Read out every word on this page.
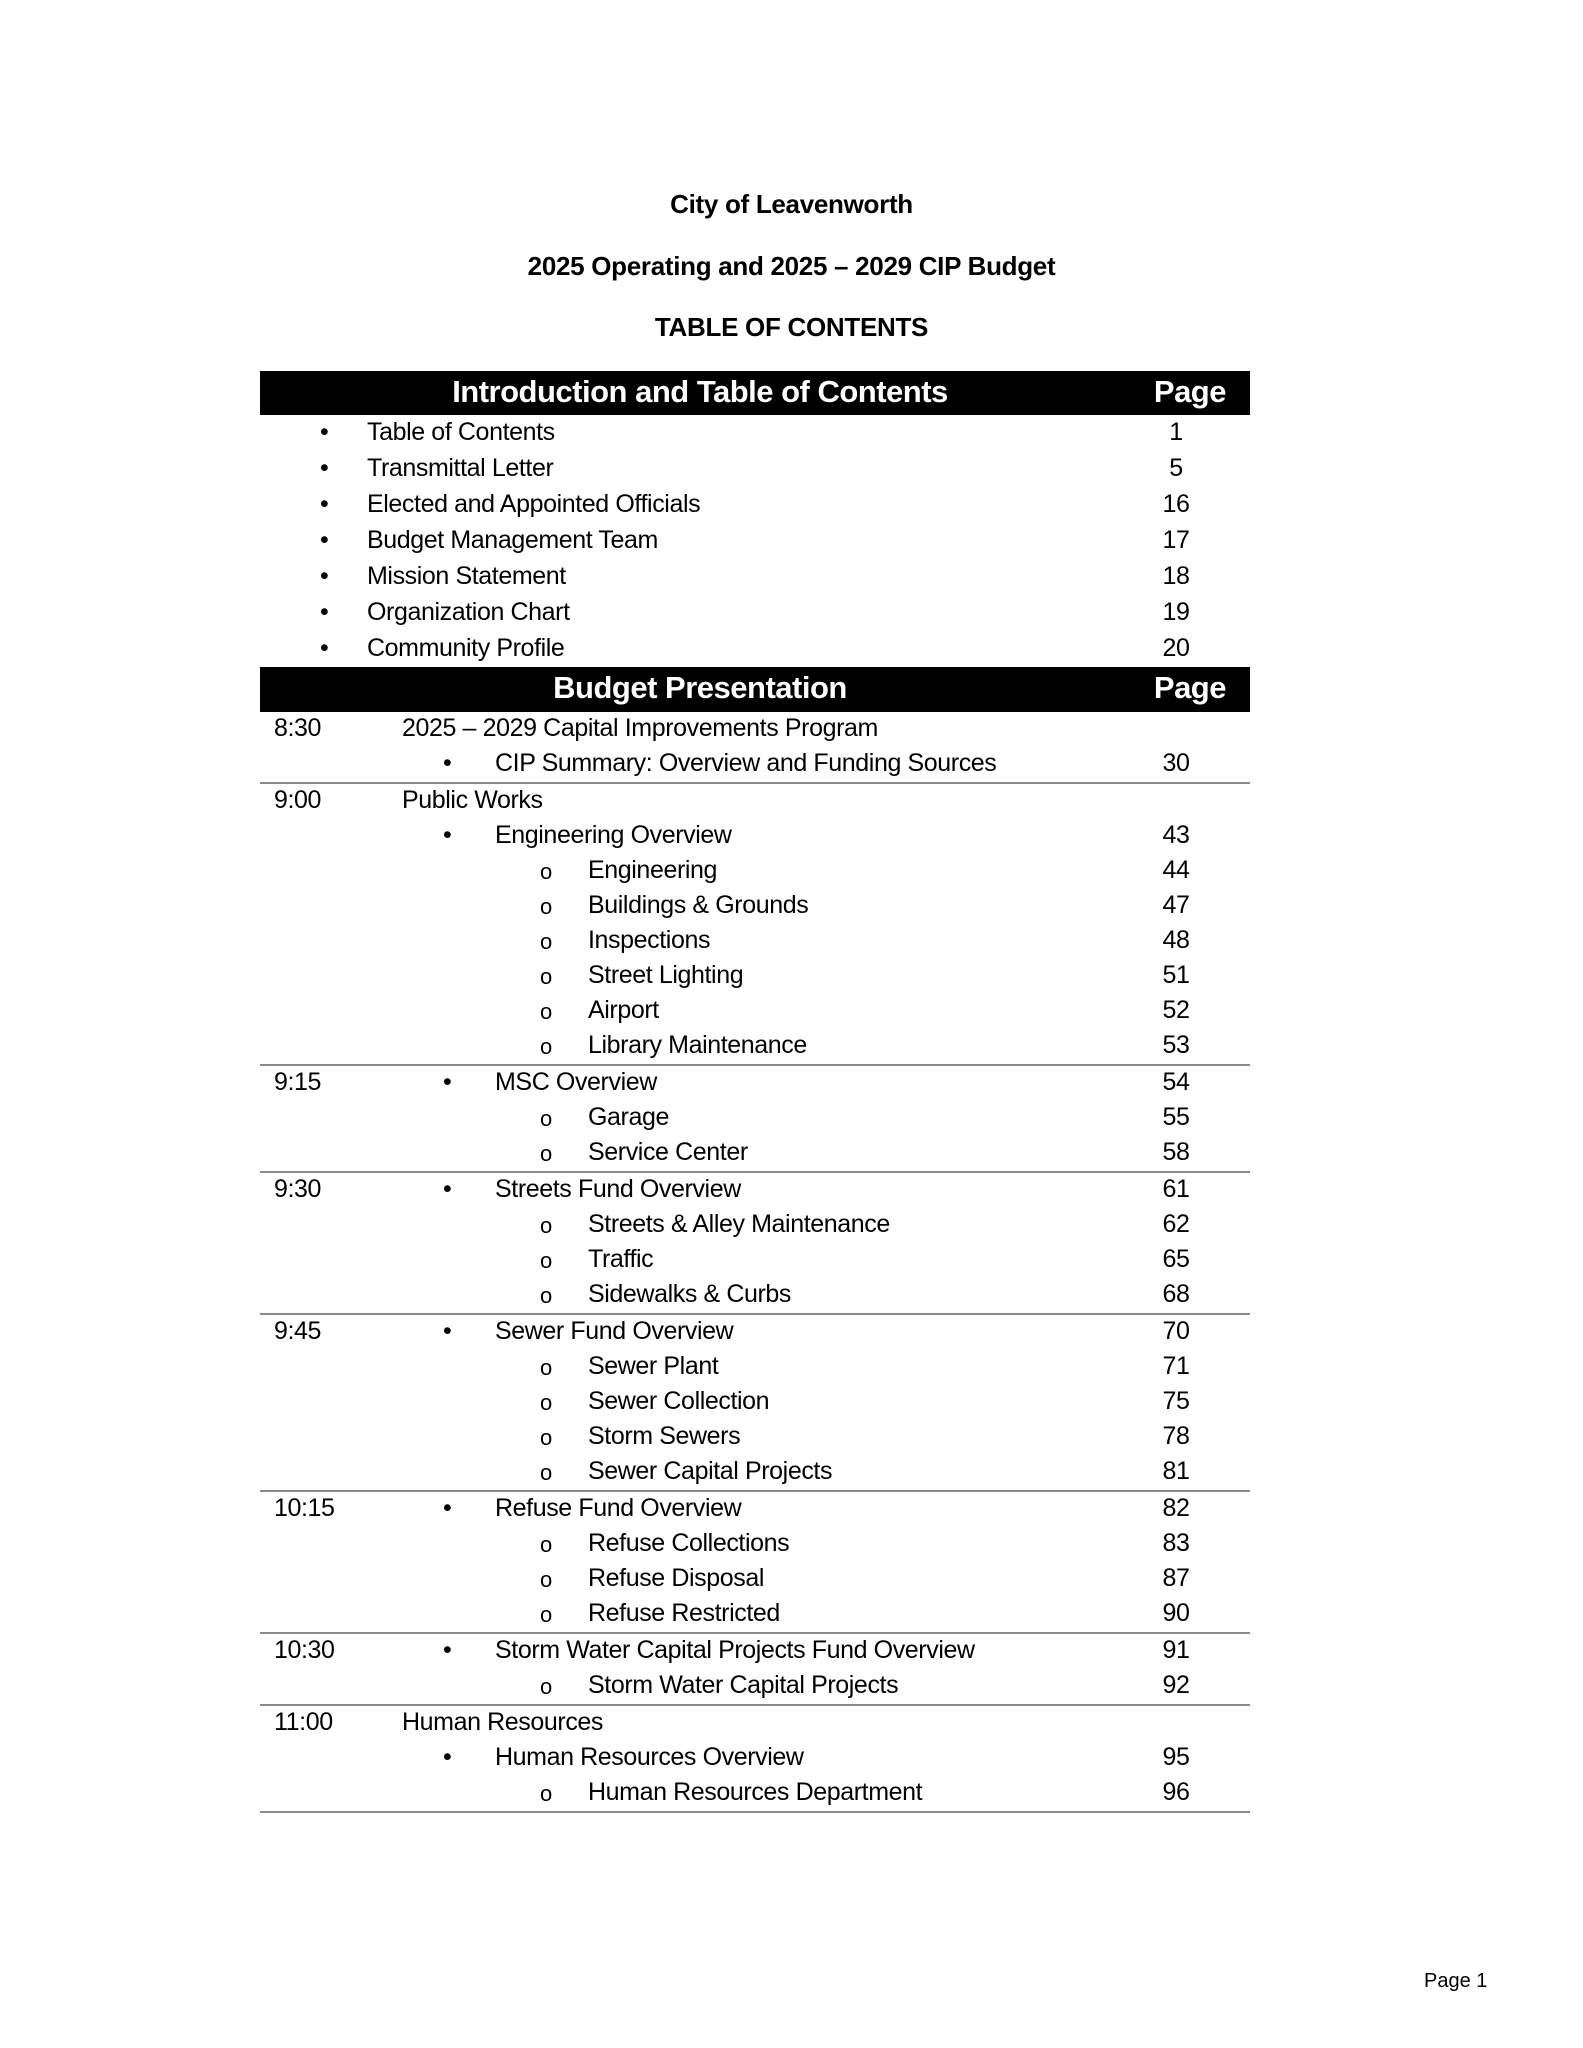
City of Leavenworth
2025 Operating and 2025 – 2029 CIP Budget
TABLE OF CONTENTS
Introduction and Table of Contents	Page
• Table of Contents	1
• Transmittal Letter	5
• Elected and Appointed Officials	16
• Budget Management Team	17
• Mission Statement	18
• Organization Chart	19
• Community Profile	20
Budget Presentation	Page
8:30	2025 – 2029 Capital Improvements Program
• CIP Summary: Overview and Funding Sources	30
9:00	Public Works
• Engineering Overview	43
o Engineering	44
o Buildings & Grounds	47
o Inspections	48
o Street Lighting	51
o Airport	52
o Library Maintenance	53
9:15	• MSC Overview	54
o Garage	55
o Service Center	58
9:30	• Streets Fund Overview	61
o Streets & Alley Maintenance	62
o Traffic	65
o Sidewalks & Curbs	68
9:45	• Sewer Fund Overview	70
o Sewer Plant	71
o Sewer Collection	75
o Storm Sewers	78
o Sewer Capital Projects	81
10:15	• Refuse Fund Overview	82
o Refuse Collections	83
o Refuse Disposal	87
o Refuse Restricted	90
10:30	• Storm Water Capital Projects Fund Overview	91
o Storm Water Capital Projects	92
11:00	Human Resources
• Human Resources Overview	95
o Human Resources Department	96
Page 1
